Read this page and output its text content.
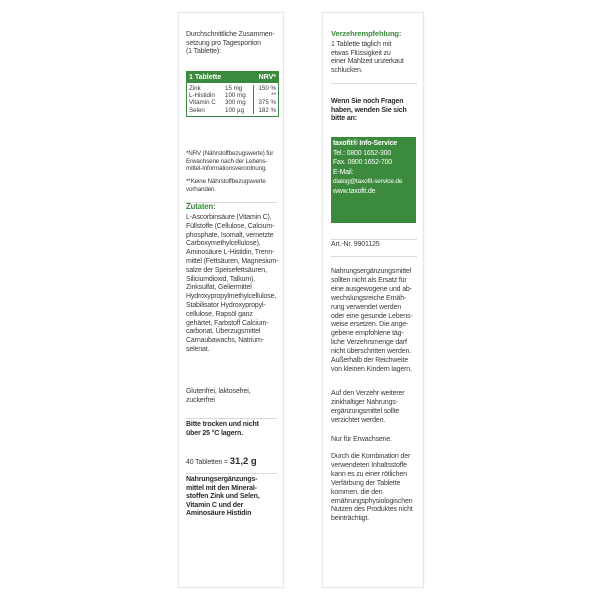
Durchschnittliche Zusammen-
setzung pro Tagesportion
(1 Tablette):
1 Tablette	NRV*
Zink	15 mg	150 %
L-Histidin	100 mg	**
Vitamin C	300 mg	375 %
Selen	100 µg	182 %
*NRV (Nährstoffbezugswerte) für
Erwachsene nach der Lebens-
mittel-Informationsverordnung.
**Keine Nährstoffbezugswerte
vorhanden.
Zutaten:
L-Ascorbinsäure (Vitamin C),
Füllstoffe (Cellulose, Calcium-
phosphate, Isomalt, vernetzte
Carboxymethylcellulose),
Aminosäure L-Histidin, Trenn-
mittel (Fettsäuren, Magnesium-
salze der Speisefettsäuren,
Siliciumdioxid, Talkum),
Zinksulfat, Geliermittel
Hydroxypropylmethylcellulose,
Stabilisator Hydroxypropyl-
cellulose, Rapsöl ganz
gehärtet, Farbstoff Calcium-
carbonat, Überzugsmittel
Carnaubawachs, Natrium-
selenat.
Glutenfrei, laktosefrei,
zuckerfrei
Bitte trocken und nicht
über 25 °C lagern.
40 Tabletten = 31,2 g
Nahrungsergänzungs-
mittel mit den Mineral-
stoffen Zink und Selen,
Vitamin C und der
Aminosäure Histidin
Verzehrempfehlung:
1 Tablette täglich mit
etwas Flüssigkeit zu
einer Mahlzeit unzerkaut
schlucken.
Wenn Sie noch Fragen
haben, wenden Sie sich
bitte an:
taxofit® Info-Service
Tel.: 0800 1652-300
Fax. 0800 1652-700
E-Mail:
dialog@taxofit-service.de
www.taxofit.de
Art.-Nr. 9901125
Nahrungsergänzungsmittel
sollten nicht als Ersatz für
eine ausgewogene und ab-
wechslungsreiche Ernäh-
rung verwendet werden
oder eine gesunde Lebens-
weise ersetzen. Die ange-
gebene empfohlene täg-
liche Verzehrsmenge darf
nicht überschritten werden.
Außerhalb der Reichweite
von kleinen Kindern lagern.
Auf den Verzehr weiterer
zinkhaltiger Nahrungs-
ergänzungsmittel sollte
verzichtet werden.
Nur für Erwachsene.
Durch die Kombination der
verwendeten Inhaltsstoffe
kann es zu einer rötlichen
Verfärbung der Tablette
kommen, die den
ernährungsphysiologischen
Nutzen des Produktes nicht
beinträchtigt.
